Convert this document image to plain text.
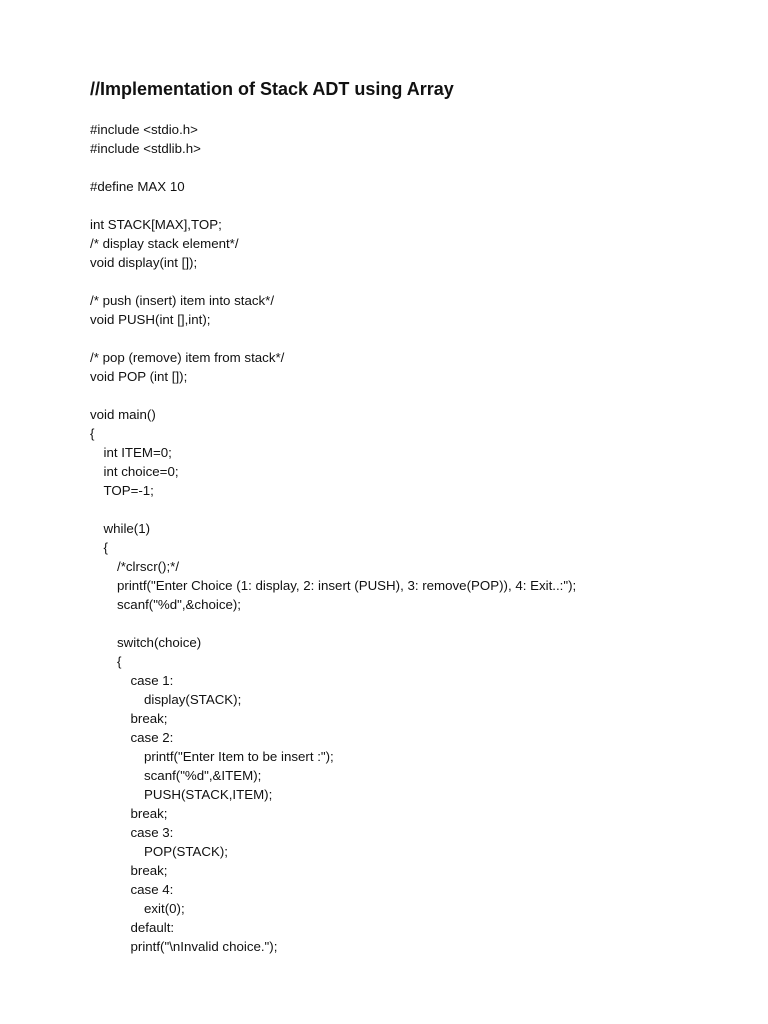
//Implementation of Stack ADT using Array
#include <stdio.h>
#include <stdlib.h>
#define MAX 10
int STACK[MAX],TOP;
/* display stack element*/
void display(int []);
/* push (insert) item into stack*/
void PUSH(int [],int);
/* pop (remove) item from stack*/
void POP (int []);
void main()
{
int ITEM=0;
int choice=0;
TOP=-1;
while(1)
{
/*clrscr();*/
printf("Enter Choice (1: display, 2: insert (PUSH), 3: remove(POP)), 4: Exit..:");
scanf("%d",&choice);
switch(choice)
{
case 1:
display(STACK);
break;
case 2:
printf("Enter Item to be insert :");
scanf("%d",&ITEM);
PUSH(STACK,ITEM);
break;
case 3:
POP(STACK);
break;
case 4:
exit(0);
default:
printf("\nInvalid choice.");
